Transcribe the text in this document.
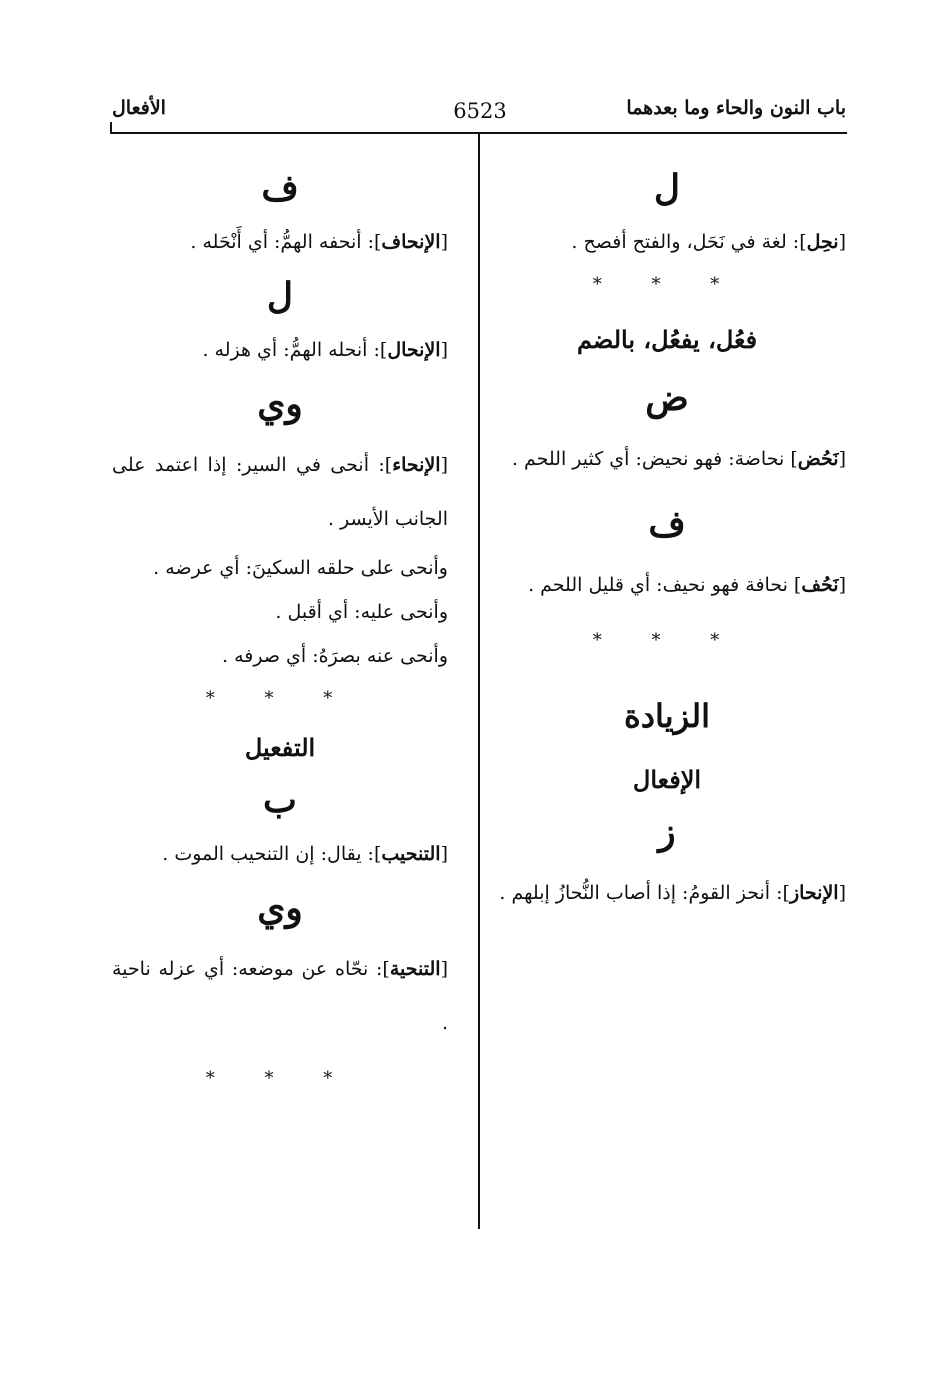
باب النون والحاء وما بعدهما
6523
الأفعال
ل

[نحِل]: لغة في نَحَل، والفتح أفصح .

* * *
فعُل، يفعُل، بالضم
ض

[نَحُض] نحاضة: فهو نحيض: أي كثير اللحم .

ف

[نَحُف] نحافة فهو نحيف: أي قليل اللحم .

* * *
الزيادة
الإفعال
ز

[الإنحاز]: أنحز القومُ: إذا أصاب النُّحازُ إبلهم .

ف

[الإنحاف]: أنحفه الهمُّ: أي أَنْحَله .

ل

[الإنحال]: أنحله الهمُّ: أي هزله .

وي

[الإنحاء]: أنحى في السير: إذا اعتمد على الجانب الأيسر .

وأنحى على حلقه السكينَ: أي عرضه .

وأنحى عليه: أي أقبل .

وأنحى عنه بصرَهُ: أي صرفه .

* * *
التفعيل
ب

[التنحيب]: يقال: إن التنحيب الموت .

وي

[التنحية]: نحّاه عن موضعه: أي عزله ناحية .

* * *
